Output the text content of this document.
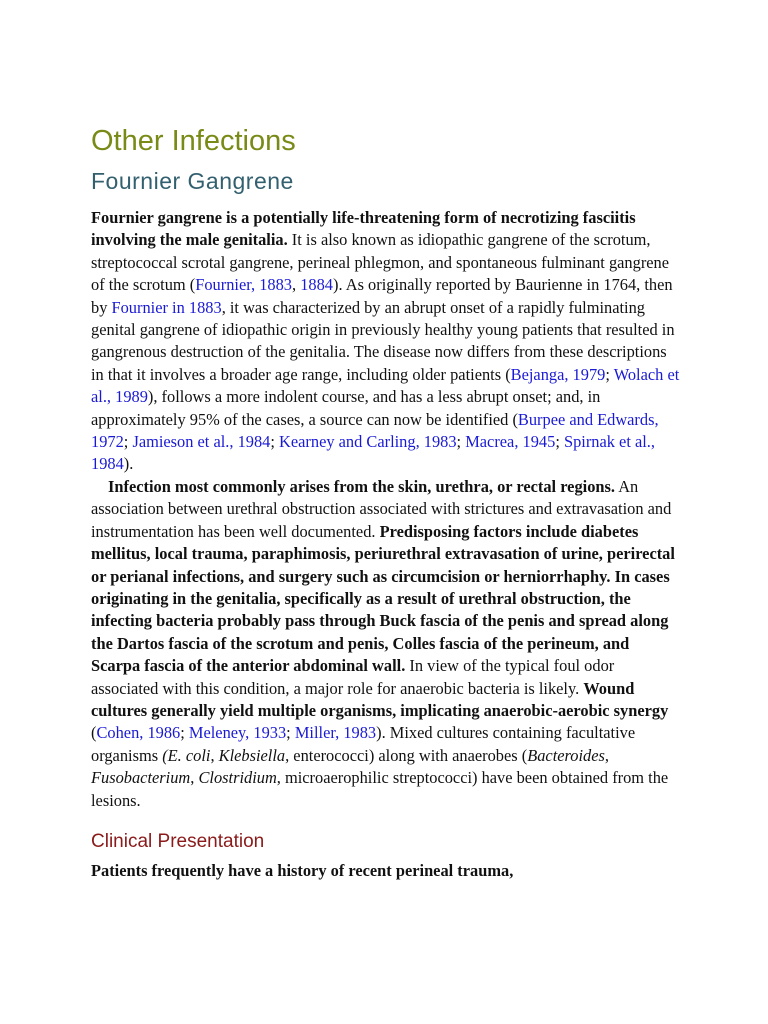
Other Infections
Fournier Gangrene

Fournier gangrene is a potentially life-threatening form of necrotizing fasciitis involving the male genitalia. It is also known as idiopathic gangrene of the scrotum, streptococcal scrotal gangrene, perineal phlegmon, and spontaneous fulminant gangrene of the scrotum (Fournier, 1883, 1884). As originally reported by Baurienne in 1764, then by Fournier in 1883, it was characterized by an abrupt onset of a rapidly fulminating genital gangrene of idiopathic origin in previously healthy young patients that resulted in gangrenous destruction of the genitalia. The disease now differs from these descriptions in that it involves a broader age range, including older patients (Bejanga, 1979; Wolach et al., 1989), follows a more indolent course, and has a less abrupt onset; and, in approximately 95% of the cases, a source can now be identified (Burpee and Edwards, 1972; Jamieson et al., 1984; Kearney and Carling, 1983; Macrea, 1945; Spirnak et al., 1984).

Infection most commonly arises from the skin, urethra, or rectal regions. An association between urethral obstruction associated with strictures and extravasation and instrumentation has been well documented. Predisposing factors include diabetes mellitus, local trauma, paraphimosis, periurethral extravasation of urine, perirectal or perianal infections, and surgery such as circumcision or herniorrhaphy. In cases originating in the genitalia, specifically as a result of urethral obstruction, the infecting bacteria probably pass through Buck fascia of the penis and spread along the Dartos fascia of the scrotum and penis, Colles fascia of the perineum, and Scarpa fascia of the anterior abdominal wall. In view of the typical foul odor associated with this condition, a major role for anaerobic bacteria is likely. Wound cultures generally yield multiple organisms, implicating anaerobic-aerobic synergy (Cohen, 1986; Meleney, 1933; Miller, 1983). Mixed cultures containing facultative organisms (E. coli, Klebsiella, enterococci) along with anaerobes (Bacteroides, Fusobacterium, Clostridium, microaerophilic streptococci) have been obtained from the lesions.

Clinical Presentation

Patients frequently have a history of recent perineal trauma,
